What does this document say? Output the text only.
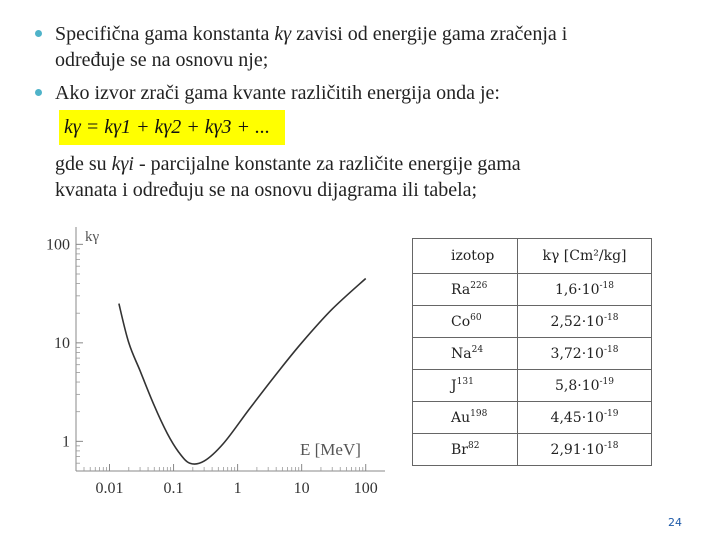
Specifična gama konstanta kγ zavisi od energije gama zračenja i
određuje se na osnovu nje;
Ako izvor zrači gama kvante različitih energija onda je:
kγ = kγ1 + kγ2 + kγ3 + ...
gde su kγi - parcijalne konstante za različite energije gama
kvanata i određuju se na osnovu dijagrama ili tabela;
0.01	0.1	1	10	100
100
10
1
kγ
E [MeV]
izotop	kγ [Cm²/kg]
Ra$^{226}$	$1,6\cdot 10^{-18}$
Co$^{60}$	$2,52\cdot 10^{-18}$
Na$^{24}$	$3,72\cdot 10^{-18}$
$J^{131}$	$5,8\cdot 10^{-19}$
Au$^{198}$	$4,45\cdot 10^{-19}$
Br$^{82}$	$2,91\cdot 10^{-18}$
24
